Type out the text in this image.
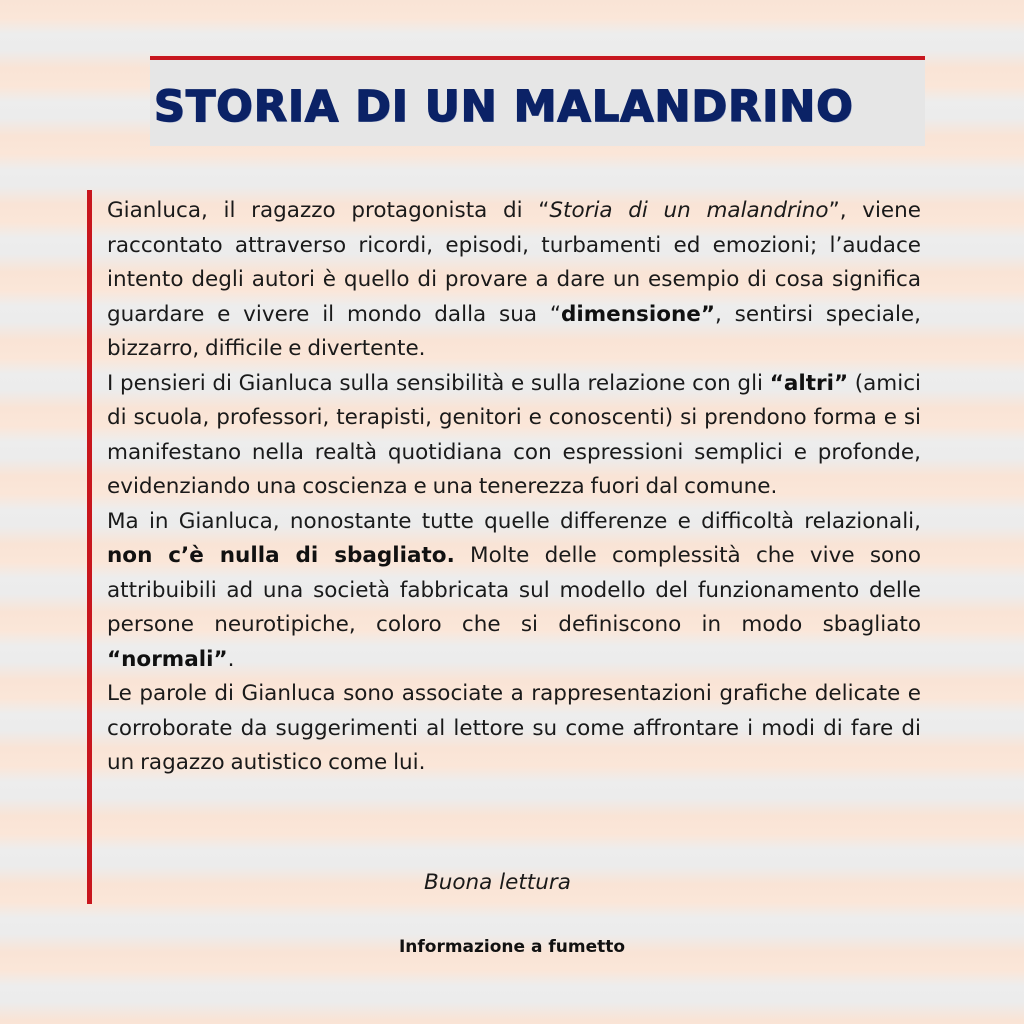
STORIA DI UN MALANDRINO

Gianluca, il ragazzo protagonista di “Storia di un malandrino”, viene raccontato attraverso ricordi, episodi, turbamenti ed emozioni; l’audace intento degli autori è quello di provare a dare un esempio di cosa significa guardare e vivere il mondo dalla sua “dimensione”, sentirsi speciale, bizzarro, difficile e divertente.

I pensieri di Gianluca sulla sensibilità e sulla relazione con gli “altri” (amici di scuola, professori, terapisti, genitori e conoscenti) si prendono forma e si manifestano nella realtà quotidiana con espressioni semplici e profonde, evidenziando una coscienza e una tenerezza fuori dal comune.

Ma in Gianluca, nonostante tutte quelle differenze e difficoltà relazionali, non c’è nulla di sbagliato. Molte delle complessità che vive sono attribuibili ad una società fabbricata sul modello del funzionamento delle persone neurotipiche, coloro che si definiscono in modo sbagliato “normali”.

Le parole di Gianluca sono associate a rappresentazioni grafiche delicate e corroborate da suggerimenti al lettore su come affrontare i modi di fare di un ragazzo autistico come lui.

Buona lettura
Informazione a fumetto
